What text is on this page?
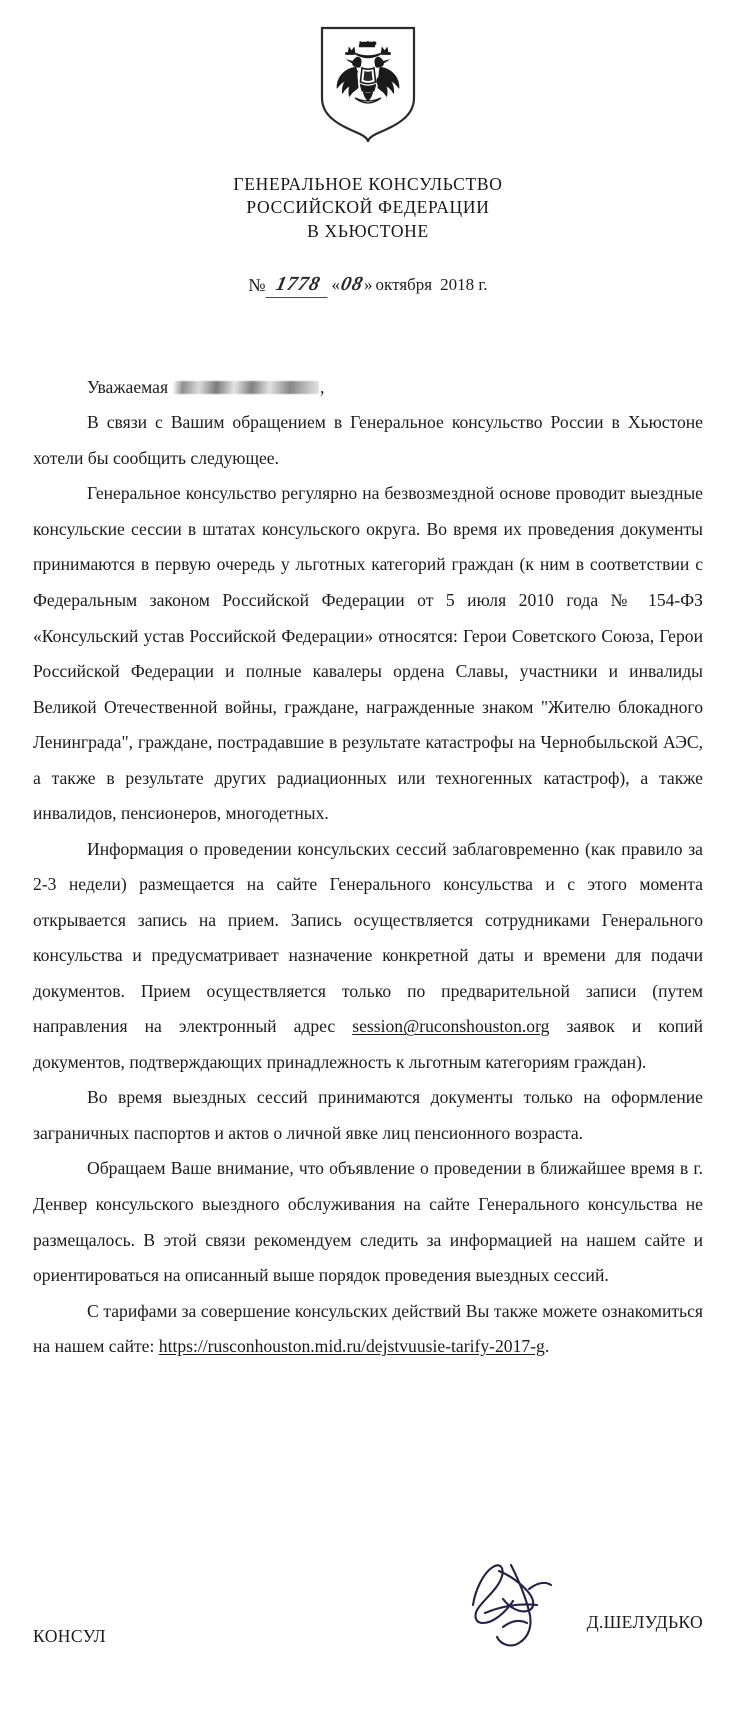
ГЕНЕРАЛЬНОЕ КОНСУЛЬСТВО
РОССИЙСКОЙ ФЕДЕРАЦИИ
В ХЬЮСТОНЕ
№ 1778 «08» октября 2018 г.

Уважаемая	,

В связи с Вашим обращением в Генеральное консульство России в Хьюстоне хотели бы сообщить следующее.

Генеральное консульство регулярно на безвозмездной основе проводит выездные консульские сессии в штатах консульского округа. Во время их проведения документы принимаются в первую очередь у льготных категорий граждан (к ним в соответствии с Федеральным законом Российской Федерации от 5 июля 2010 года № 154-ФЗ «Консульский устав Российской Федерации» относятся: Герои Советского Союза, Герои Российской Федерации и полные кавалеры ордена Славы, участники и инвалиды Великой Отечественной войны, граждане, награжденные знаком "Жителю блокадного Ленинграда", граждане, пострадавшие в результате катастрофы на Чернобыльской АЭС, а также в результате других радиационных или техногенных катастроф), а также инвалидов, пенсионеров, многодетных.

Информация о проведении консульских сессий заблаговременно (как правило за 2-3 недели) размещается на сайте Генерального консульства и с этого момента открывается запись на прием. Запись осуществляется сотрудниками Генерального консульства и предусматривает назначение конкретной даты и времени для подачи документов. Прием осуществляется только по предварительной записи (путем направления на электронный адрес session@ruconshouston.org заявок и копий документов, подтверждающих принадлежность к льготным категориям граждан).

Во время выездных сессий принимаются документы только на оформление заграничных паспортов и актов о личной явке лиц пенсионного возраста.

Обращаем Ваше внимание, что объявление о проведении в ближайшее время в г. Денвер консульского выездного обслуживания на сайте Генерального консульства не размещалось. В этой связи рекомендуем следить за информацией на нашем сайте и ориентироваться на описанный выше порядок проведения выездных сессий.

С тарифами за совершение консульских действий Вы также можете ознакомиться на нашем сайте: https://rusconhouston.mid.ru/dejstvuusie-tarify-2017-g.

КОНСУЛ
Д.ШЕЛУДЬКО
